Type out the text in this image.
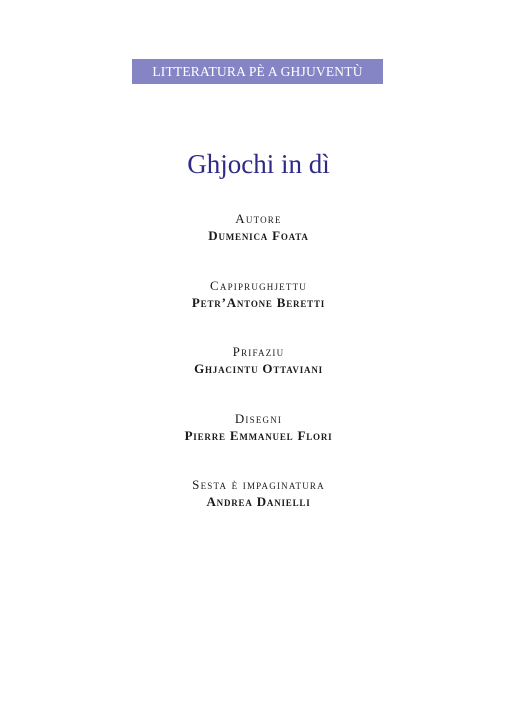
LITTERATURA PÈ A GHJUVENTÙ
Ghjochi in dì
Autore
Dumenica Foata
Capiprughjettu
Petr’Antone Beretti
Prifaziu
Ghjacintu Ottaviani
Disegni
Pierre Emmanuel Flori
Sesta è impaginatura
Andrea Danielli
